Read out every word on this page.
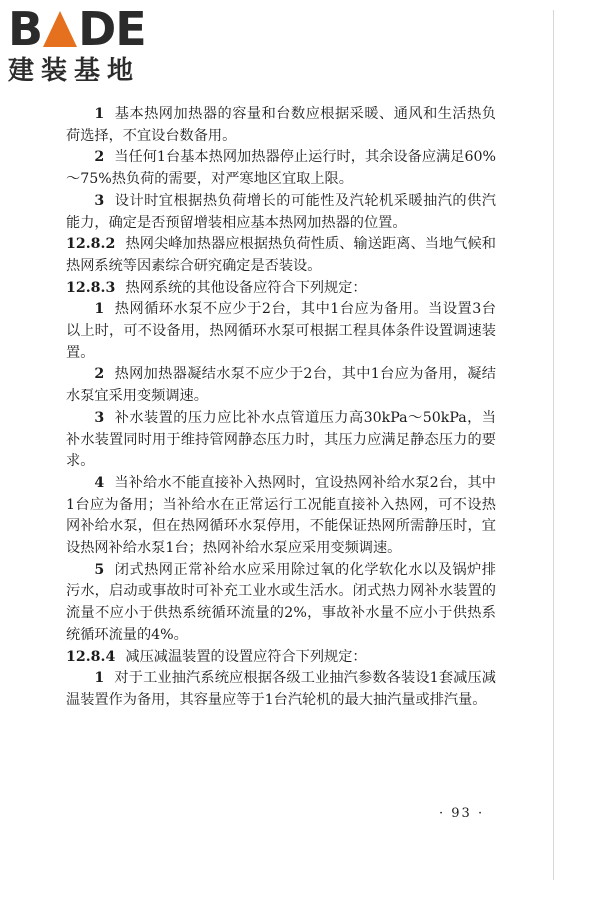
B DE
建装基地

1 基本热网加热器的容量和台数应根据采暖、通风和生活热负荷选择，不宜设台数备用。

2 当任何1台基本热网加热器停止运行时，其余设备应满足60%～75%热负荷的需要，对严寒地区宜取上限。

3 设计时宜根据热负荷增长的可能性及汽轮机采暖抽汽的供汽能力，确定是否预留增装相应基本热网加热器的位置。

12.8.2 热网尖峰加热器应根据热负荷性质、输送距离、当地气候和热网系统等因素综合研究确定是否装设。

12.8.3 热网系统的其他设备应符合下列规定：

1 热网循环水泵不应少于2台，其中1台应为备用。当设置3台以上时，可不设备用，热网循环水泵可根据工程具体条件设置调速装置。

2 热网加热器凝结水泵不应少于2台，其中1台应为备用，凝结水泵宜采用变频调速。

3 补水装置的压力应比补水点管道压力高30kPa～50kPa，当补水装置同时用于维持管网静态压力时，其压力应满足静态压力的要求。

4 当补给水不能直接补入热网时，宜设热网补给水泵2台，其中1台应为备用；当补给水在正常运行工况能直接补入热网，可不设热网补给水泵，但在热网循环水泵停用，不能保证热网所需静压时，宜设热网补给水泵1台；热网补给水泵应采用变频调速。

5 闭式热网正常补给水应采用除过氧的化学软化水以及锅炉排污水，启动或事故时可补充工业水或生活水。闭式热力网补水装置的流量不应小于供热系统循环流量的2%，事故补水量不应小于供热系统循环流量的4%。

12.8.4 减压减温装置的设置应符合下列规定：

1 对于工业抽汽系统应根据各级工业抽汽参数各装设1套减压减温装置作为备用，其容量应等于1台汽轮机的最大抽汽量或排汽量。

· 93 ·
